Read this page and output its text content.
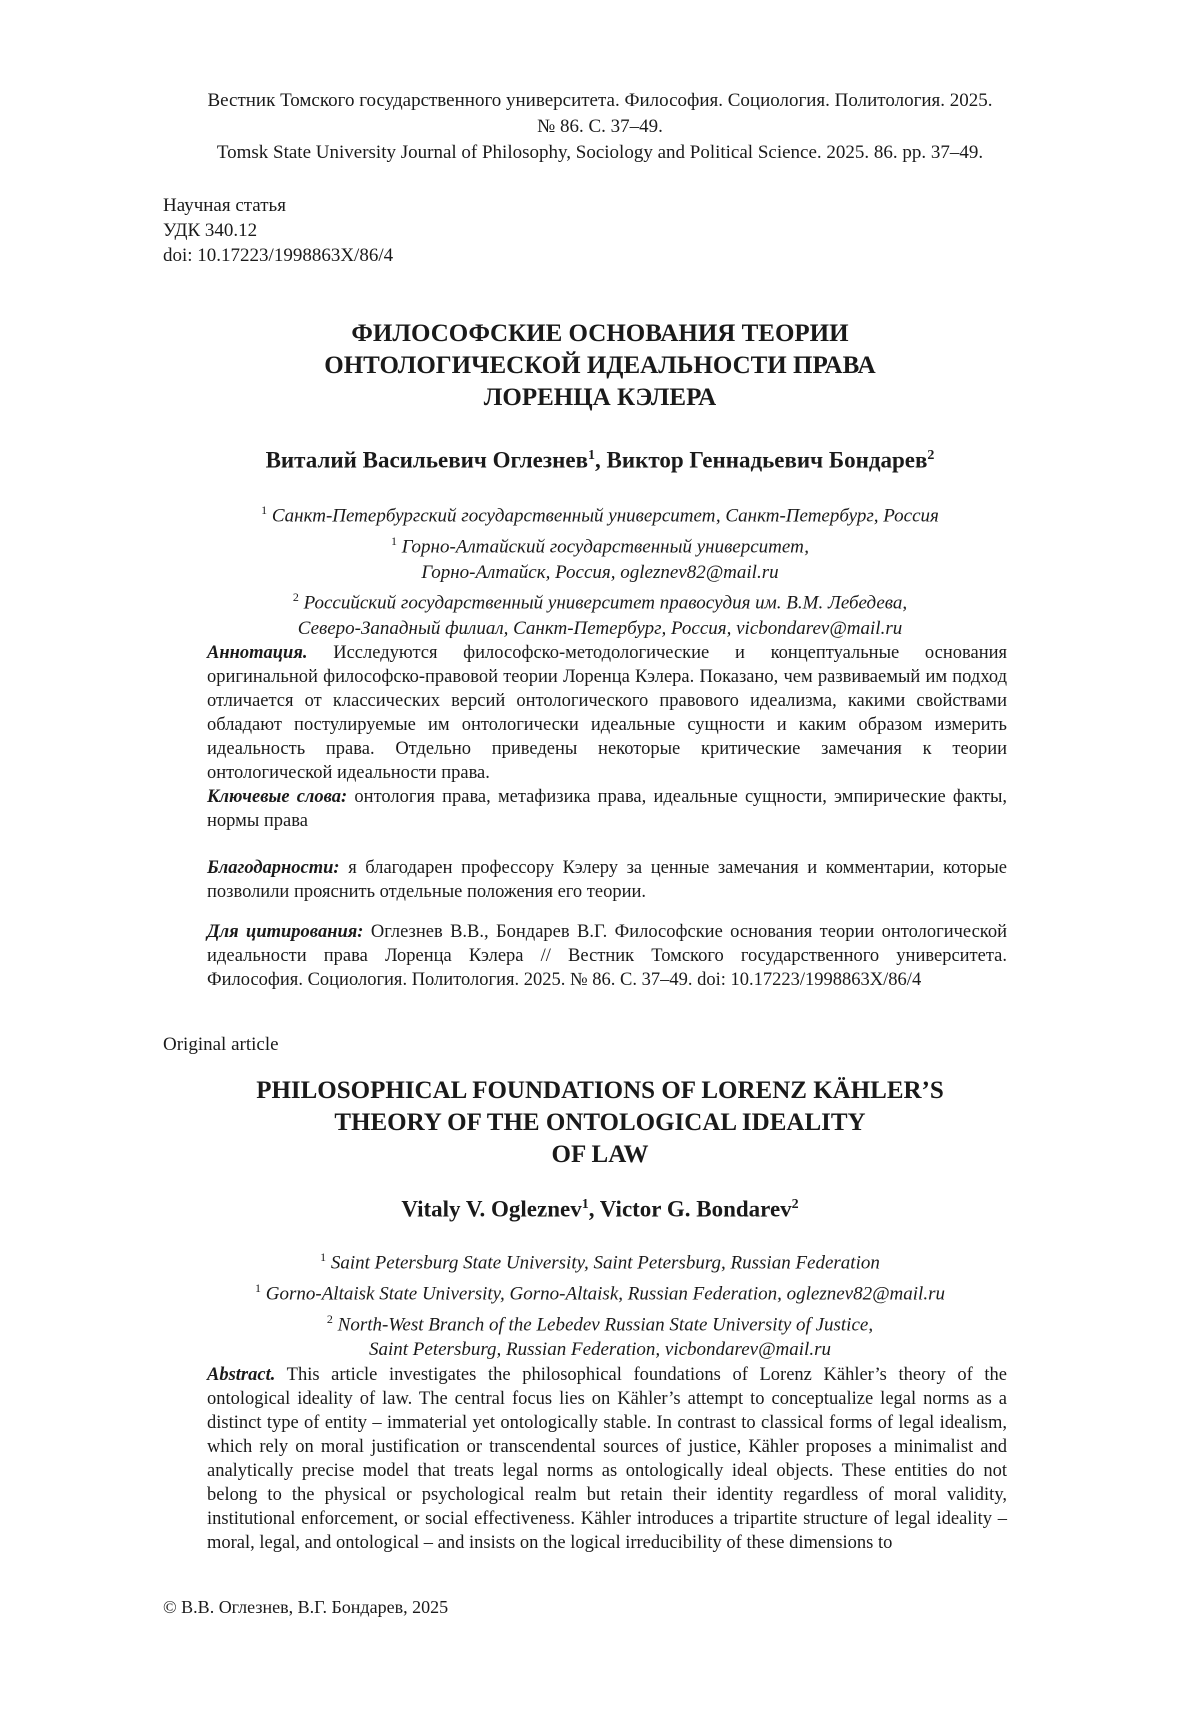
Вестник Томского государственного университета. Философия. Социология. Политология. 2025.
№ 86. С. 37–49.
Tomsk State University Journal of Philosophy, Sociology and Political Science. 2025. 86. pp. 37–49.
Научная статья
УДК 340.12
doi: 10.17223/1998863X/86/4
ФИЛОСОФСКИЕ ОСНОВАНИЯ ТЕОРИИ
ОНТОЛОГИЧЕСКОЙ ИДЕАЛЬНОСТИ ПРАВА
ЛОРЕНЦА КЭЛЕРА
Виталий Васильевич Оглезнев$^1$, Виктор Геннадьевич Бондарев$^2$
$^1$ Санкт-Петербургский государственный университет, Санкт-Петербург, Россия
$^1$ Горно-Алтайский государственный университет,
Горно-Алтайск, Россия, ogleznev82@mail.ru
$^2$ Российский государственный университет правосудия им. В.М. Лебедева,
Северо-Западный филиал, Санкт-Петербург, Россия, vicbondarev@mail.ru
Аннотация. Исследуются философско-методологические и концептуальные основания оригинальной философско-правовой теории Лоренца Кэлера. Показано, чем развиваемый им подход отличается от классических версий онтологического правового идеализма, какими свойствами обладают постулируемые им онтологически идеальные сущности и каким образом измерить идеальность права. Отдельно приведены некоторые критические замечания к теории онтологической идеальности права.
Ключевые слова: онтология права, метафизика права, идеальные сущности, эмпирические факты, нормы права
Благодарности: я благодарен профессору Кэлеру за ценные замечания и комментарии, которые позволили прояснить отдельные положения его теории.
Для цитирования: Оглезнев В.В., Бондарев В.Г. Философские основания теории онтологической идеальности права Лоренца Кэлера // Вестник Томского государственного университета. Философия. Социология. Политология. 2025. № 86. С. 37–49. doi: 10.17223/1998863X/86/4
Original article
PHILOSOPHICAL FOUNDATIONS OF LORENZ KÄHLER’S
THEORY OF THE ONTOLOGICAL IDEALITY
OF LAW
Vitaly V. Ogleznev$^1$, Victor G. Bondarev$^2$
$^1$ Saint Petersburg State University, Saint Petersburg, Russian Federation
$^1$ Gorno-Altaisk State University, Gorno-Altaisk, Russian Federation, ogleznev82@mail.ru
$^2$ North-West Branch of the Lebedev Russian State University of Justice,
Saint Petersburg, Russian Federation, vicbondarev@mail.ru
Abstract. This article investigates the philosophical foundations of Lorenz Kähler’s theory of the ontological ideality of law. The central focus lies on Kähler’s attempt to conceptualize legal norms as a distinct type of entity – immaterial yet ontologically stable. In contrast to classical forms of legal idealism, which rely on moral justification or transcendental sources of justice, Kähler proposes a minimalist and analytically precise model that treats legal norms as ontologically ideal objects. These entities do not belong to the physical or psychological realm but retain their identity regardless of moral validity, institutional enforcement, or social effectiveness. Kähler introduces a tripartite structure of legal ideality – moral, legal, and ontological – and insists on the logical irreducibility of these dimensions to
© В.В. Оглезнев, В.Г. Бондарев, 2025
